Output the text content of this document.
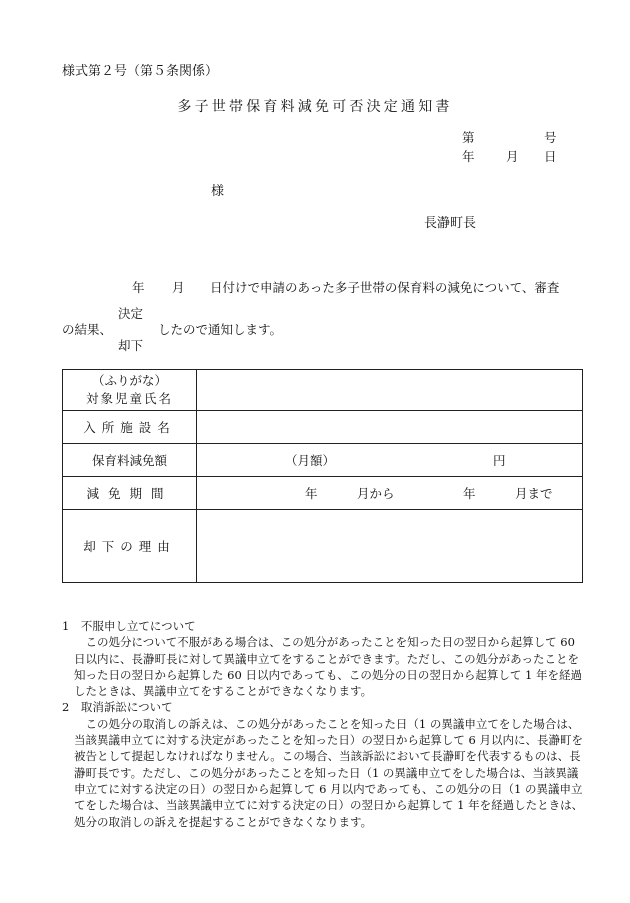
様式第２号（第５条関係）
多子世帯保育料減免可否決定通知書
第	号
年	月 日
様
長瀞町長
年 月 日付けで申請のあった多子世帯の保育料の減免について、審査
決定
の結果、	したので通知します。
却下
（ふりがな）
対象児童氏名	

入所施設名	
保育料減免額	（月額） 円

減免期間	年 月から 年 月まで

却下の理由	

1　不服申し立てについて

この処分について不服がある場合は、この処分があったことを知った日の翌日から起算して 60 日以内に、長瀞町長に対して異議申立てをすることができます。ただし、この処分があったことを知った日の翌日から起算した 60 日以内であっても、この処分の日の翌日から起算して 1 年を経過したときは、異議申立てをすることができなくなります。

2　取消訴訟について

この処分の取消しの訴えは、この処分があったことを知った日（1 の異議申立てをした場合は、当該異議申立てに対する決定があったことを知った日）の翌日から起算して 6 月以内に、長瀞町を被告として提起しなければなりません。この場合、当該訴訟において長瀞町を代表するものは、長瀞町長です。ただし、この処分があったことを知った日（1 の異議申立てをした場合は、当該異議申立てに対する決定の日）の翌日から起算して 6 月以内であっても、この処分の日（1 の異議申立てをした場合は、当該異議申立てに対する決定の日）の翌日から起算して 1 年を経過したときは、処分の取消しの訴えを提起することができなくなります。
